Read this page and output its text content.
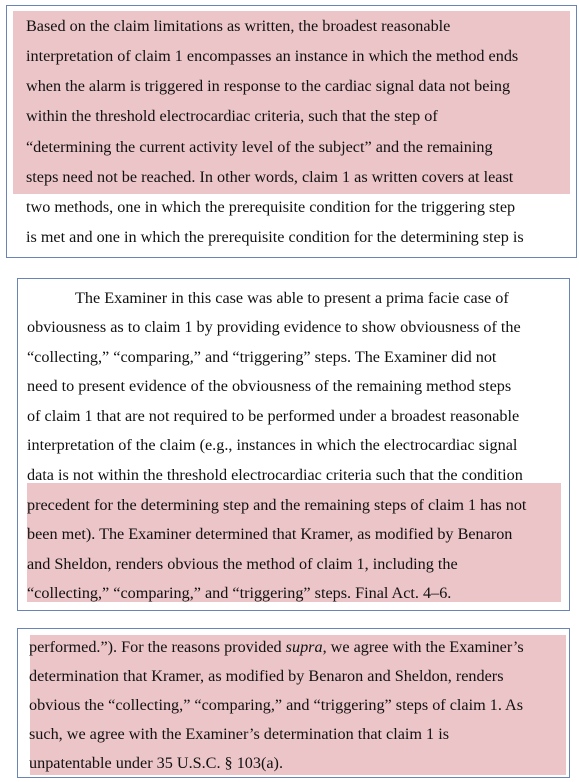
Based on the claim limitations as written, the broadest reasonable
interpretation of claim 1 encompasses an instance in which the method ends
when the alarm is triggered in response to the cardiac signal data not being
within the threshold electrocardiac criteria, such that the step of
“determining the current activity level of the subject” and the remaining
steps need not be reached. In other words, claim 1 as written covers at least
two methods, one in which the prerequisite condition for the triggering step
is met and one in which the prerequisite condition for the determining step is
The Examiner in this case was able to present a prima facie case of
obviousness as to claim 1 by providing evidence to show obviousness of the
“collecting,” “comparing,” and “triggering” steps. The Examiner did not
need to present evidence of the obviousness of the remaining method steps
of claim 1 that are not required to be performed under a broadest reasonable
interpretation of the claim (e.g., instances in which the electrocardiac signal
data is not within the threshold electrocardiac criteria such that the condition
precedent for the determining step and the remaining steps of claim 1 has not
been met). The Examiner determined that Kramer, as modified by Benaron
and Sheldon, renders obvious the method of claim 1, including the
“collecting,” “comparing,” and “triggering” steps. Final Act. 4–6.
performed.”). For the reasons provided supra, we agree with the Examiner’s
determination that Kramer, as modified by Benaron and Sheldon, renders
obvious the “collecting,” “comparing,” and “triggering” steps of claim 1. As
such, we agree with the Examiner’s determination that claim 1 is
unpatentable under 35 U.S.C. § 103(a).
